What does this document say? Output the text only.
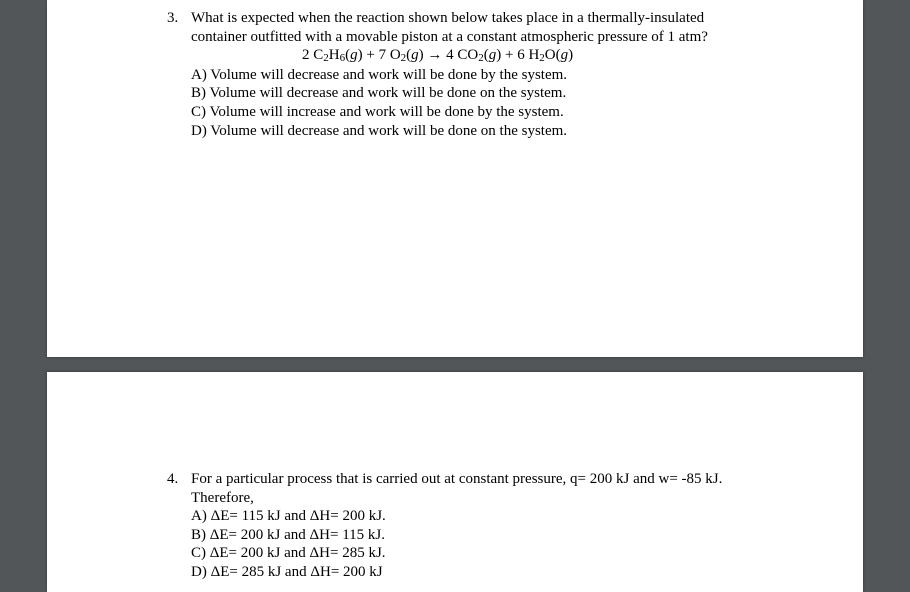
3. What is expected when the reaction shown below takes place in a thermally-insulated
container outfitted with a movable piston at a constant atmospheric pressure of 1 atm?
2 C2H6(g) + 7 O2(g) → 4 CO2(g) + 6 H2O(g)
A) Volume will decrease and work will be done by the system.
B) Volume will decrease and work will be done on the system.
C) Volume will increase and work will be done by the system.
D) Volume will decrease and work will be done on the system.
4. For a particular process that is carried out at constant pressure, q= 200 kJ and w= -85 kJ.
Therefore,
A) ΔE= 115 kJ and ΔH= 200 kJ.
B) ΔE= 200 kJ and ΔH= 115 kJ.
C) ΔE= 200 kJ and ΔH= 285 kJ.
D) ΔE= 285 kJ and ΔH= 200 kJ
